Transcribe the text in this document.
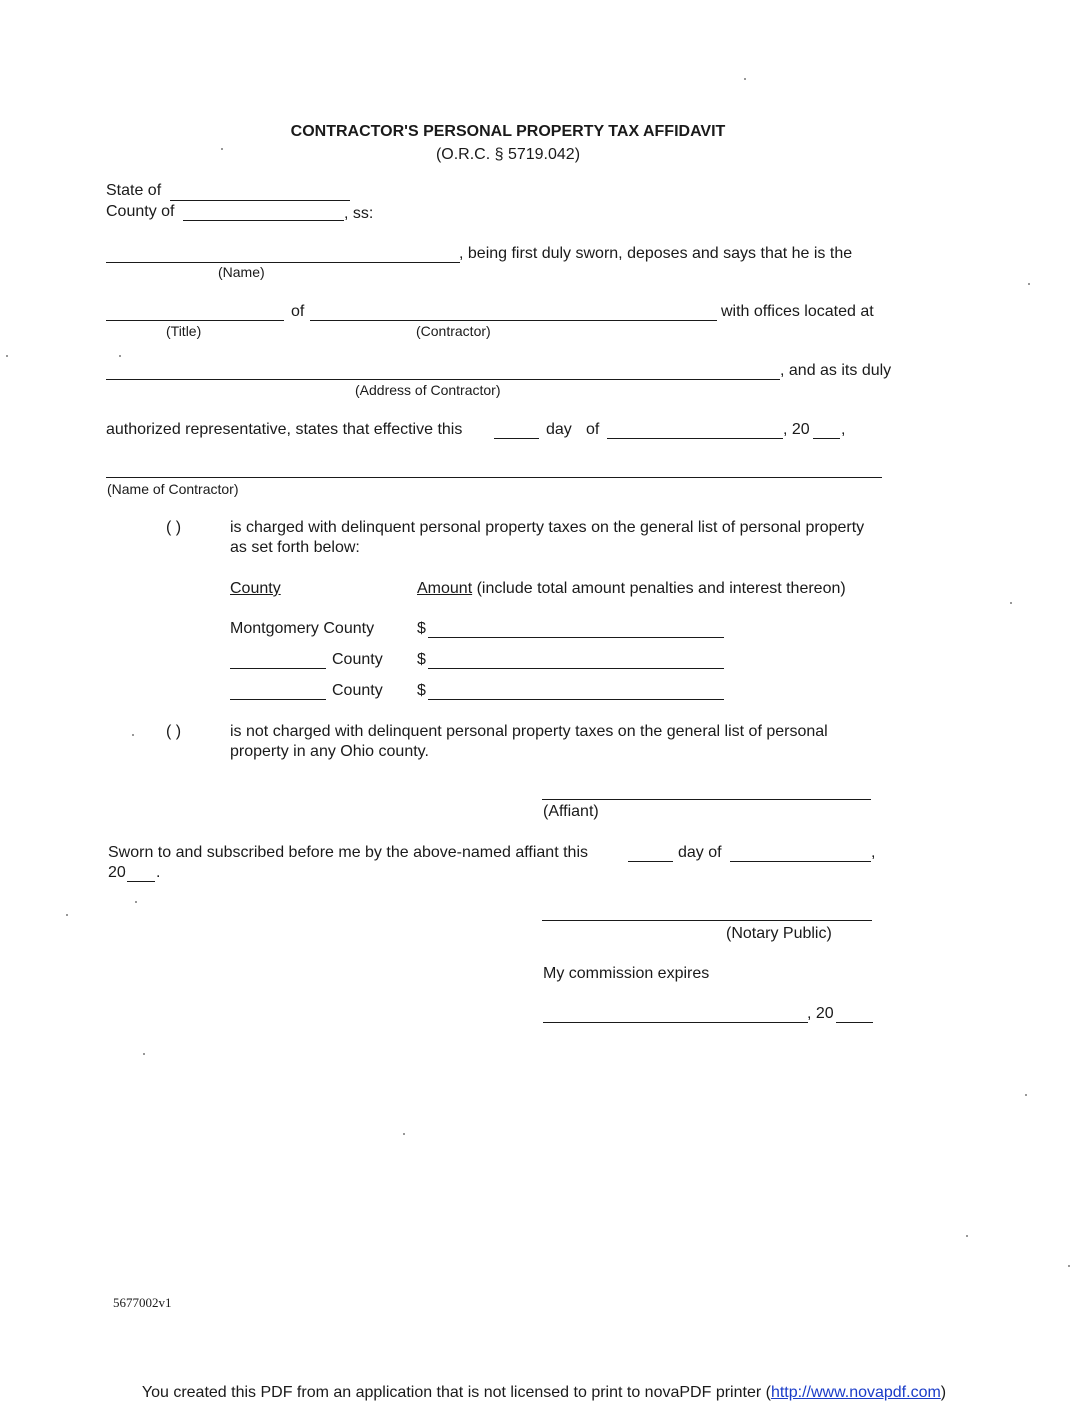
CONTRACTOR'S PERSONAL PROPERTY TAX AFFIDAVIT
(O.R.C. § 5719.042)
State of
County of	, ss:
, being first duly sworn, deposes and says that he is the
(Name)
of	with offices located at
(Title)	(Contractor)
, and as its duly
(Address of Contractor)
authorized representative, states that effective this	day of	, 20 ,
(Name of Contractor)
( )	is charged with delinquent personal property taxes on the general list of personal property
as set forth below:
County	Amount (include total amount penalties and interest thereon)
Montgomery County	$
County $
County $
( )	is not charged with delinquent personal property taxes on the general list of personal
property in any Ohio county.
(Affiant)
Sworn to and subscribed before me by the above-named affiant this	day of	,
20 .
(Notary Public)
My commission expires
, 20
5677002v1
You created this PDF from an application that is not licensed to print to novaPDF printer (http://www.novapdf.com)
